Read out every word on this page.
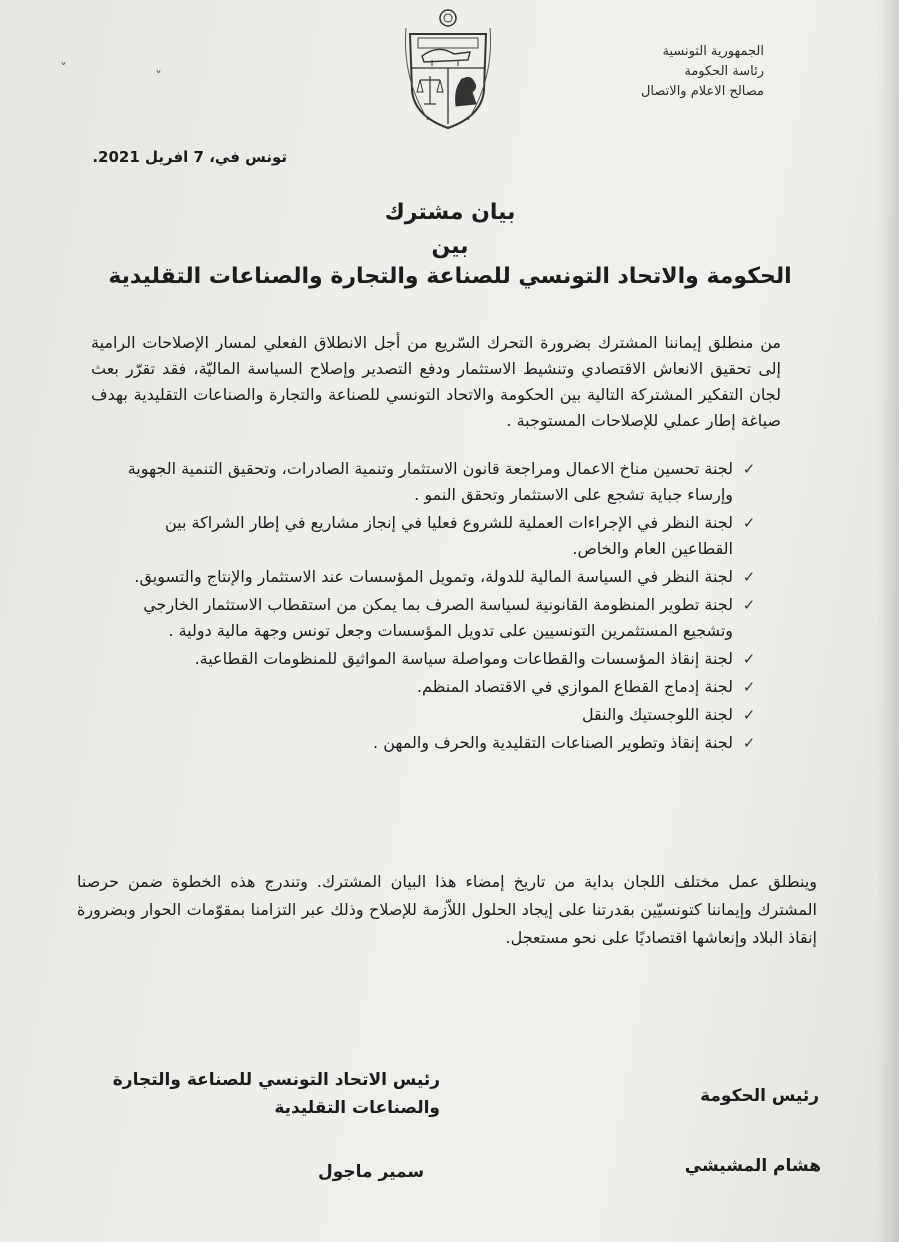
ˇ	ˇ
الجمهورية التونسية
رئاسة الحكومة
مصالح الاعلام والاتصال
تونس في، 7 افريل 2021.
بيان مشترك
بين
الحكومة والاتحاد التونسي للصناعة والتجارة والصناعات التقليدية
من منطلق إيماننا المشترك بضرورة التحرك السّريع من أجل الانطلاق الفعلي لمسار الإصلاحات الرامية إلى تحقيق الانعاش الاقتصادي وتنشيط الاستثمار ودفع التصدير وإصلاح السياسة الماليّة، فقد تقرّر بعث لجان التفكير المشتركة التالية بين الحكومة والاتحاد التونسي للصناعة والتجارة والصناعات التقليدية بهدف صياغة إطار عملي للإصلاحات المستوجبة .
✓
لجنة تحسين مناخ الاعمال ومراجعة قانون الاستثمار وتنمية الصادرات، وتحقيق التنمية الجهوية وإرساء جباية تشجع على الاستثمار وتحقق النمو .
✓
لجنة النظر في الإجراءات العملية للشروع فعليا في إنجاز مشاريع في إطار الشراكة بين القطاعين العام والخاص.
✓
لجنة النظر في السياسة المالية للدولة، وتمويل المؤسسات عند الاستثمار والإنتاج والتسويق.
✓
لجنة تطوير المنظومة القانونية لسياسة الصرف بما يمكن من استقطاب الاستثمار الخارجي وتشجيع المستثمرين التونسيين على تدويل المؤسسات وجعل تونس وجهة مالية دولية .
✓
لجنة إنقاذ المؤسسات والقطاعات ومواصلة سياسة المواثيق للمنظومات القطاعية.
✓
لجنة إدماج القطاع الموازي في الاقتصاد المنظم.
✓
لجنة اللوجستيك والنقل
✓
لجنة إنقاذ وتطوير الصناعات التقليدية والحرف والمهن .
وينطلق عمل مختلف اللجان بداية من تاريخ إمضاء هذا البيان المشترك. وتندرج هذه الخطوة ضمن حرصنا المشترك وإيماننا كتونسيّين بقدرتنا على إيجاد الحلول اللاّزمة للإصلاح وذلك عبر التزامنا بمقوّمات الحوار وبضرورة إنقاذ البلاد وإنعاشها اقتصاديًا على نحو مستعجل.
رئيس الاتحاد التونسي للصناعة والتجارة
والصناعات التقليدية
رئيس الحكومة
سمير ماجول	هشام المشيشي
